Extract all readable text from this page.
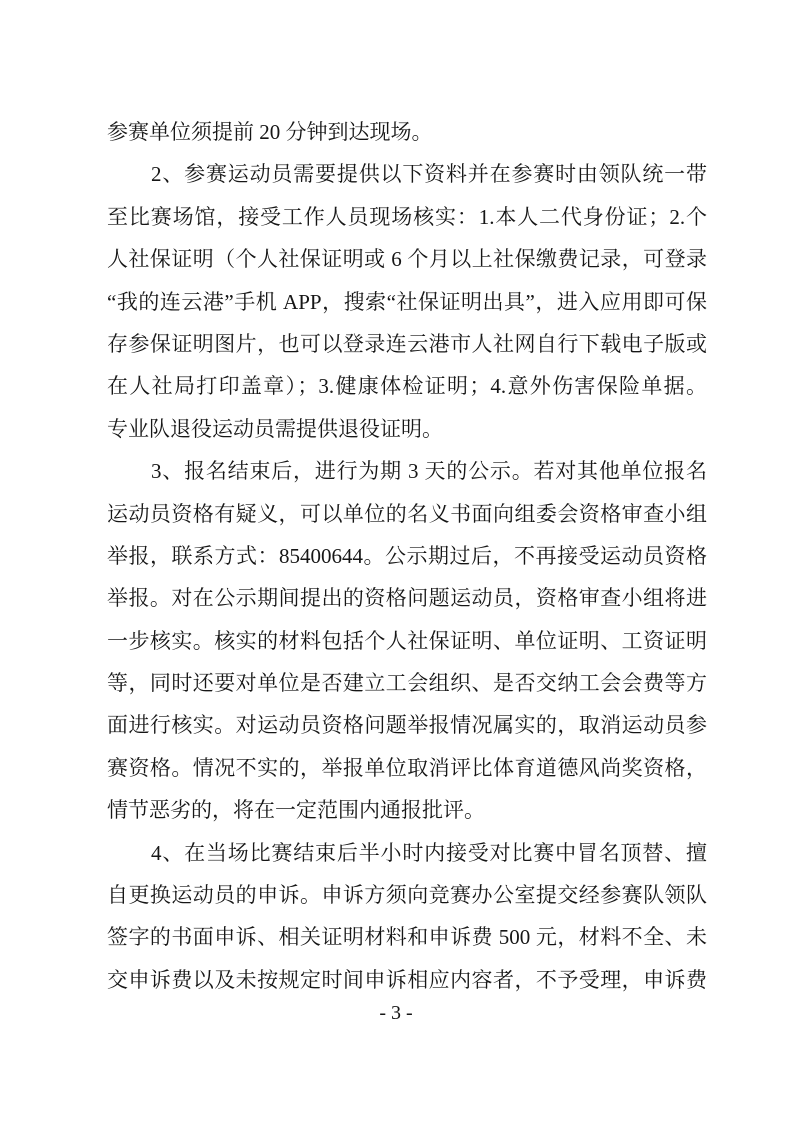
参赛单位须提前 20 分钟到达现场。
2、参赛运动员需要提供以下资料并在参赛时由领队统一带
至比赛场馆，接受工作人员现场核实：1.本人二代身份证；2.个
人社保证明（个人社保证明或 6 个月以上社保缴费记录，可登录
“我的连云港”手机 APP，搜索“社保证明出具”，进入应用即可保
存参保证明图片，也可以登录连云港市人社网自行下载电子版或
在人社局打印盖章）；3.健康体检证明；4.意外伤害保险单据。
专业队退役运动员需提供退役证明。
3、报名结束后，进行为期 3 天的公示。若对其他单位报名
运动员资格有疑义，可以单位的名义书面向组委会资格审查小组
举报，联系方式：85400644。公示期过后，不再接受运动员资格
举报。对在公示期间提出的资格问题运动员，资格审查小组将进
一步核实。核实的材料包括个人社保证明、单位证明、工资证明
等，同时还要对单位是否建立工会组织、是否交纳工会会费等方
面进行核实。对运动员资格问题举报情况属实的，取消运动员参
赛资格。情况不实的，举报单位取消评比体育道德风尚奖资格，
情节恶劣的，将在一定范围内通报批评。
4、在当场比赛结束后半小时内接受对比赛中冒名顶替、擅
自更换运动员的申诉。申诉方须向竞赛办公室提交经参赛队领队
签字的书面申诉、相关证明材料和申诉费 500 元，材料不全、未
交申诉费以及未按规定时间申诉相应内容者，不予受理，申诉费
- 3 -
